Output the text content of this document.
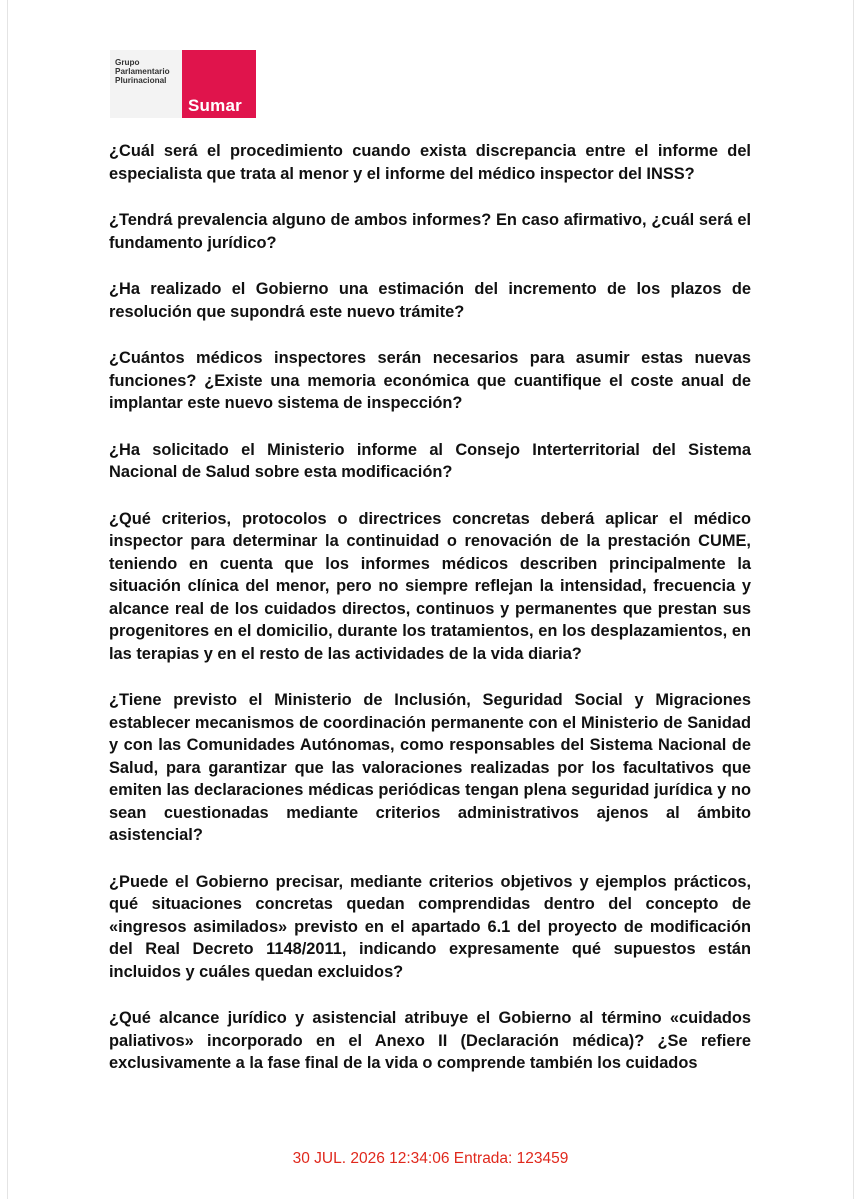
Grupo
Parlamentario
Plurinacional
Sumar

¿Cuál será el procedimiento cuando exista discrepancia entre el informe del especialista que trata al menor y el informe del médico inspector del INSS?

¿Tendrá prevalencia alguno de ambos informes? En caso afirmativo, ¿cuál será el fundamento jurídico?

¿Ha realizado el Gobierno una estimación del incremento de los plazos de resolución que supondrá este nuevo trámite?

¿Cuántos médicos inspectores serán necesarios para asumir estas nuevas funciones? ¿Existe una memoria económica que cuantifique el coste anual de implantar este nuevo sistema de inspección?

¿Ha solicitado el Ministerio informe al Consejo Interterritorial del Sistema Nacional de Salud sobre esta modificación?

¿Qué criterios, protocolos o directrices concretas deberá aplicar el médico inspector para determinar la continuidad o renovación de la prestación CUME, teniendo en cuenta que los informes médicos describen principalmente la situación clínica del menor, pero no siempre reflejan la intensidad, frecuencia y alcance real de los cuidados directos, continuos y permanentes que prestan sus progenitores en el domicilio, durante los tratamientos, en los desplazamientos, en las terapias y en el resto de las actividades de la vida diaria?

¿Tiene previsto el Ministerio de Inclusión, Seguridad Social y Migraciones establecer mecanismos de coordinación permanente con el Ministerio de Sanidad y con las Comunidades Autónomas, como responsables del Sistema Nacional de Salud, para garantizar que las valoraciones realizadas por los facultativos que emiten las declaraciones médicas periódicas tengan plena seguridad jurídica y no sean cuestionadas mediante criterios administrativos ajenos al ámbito asistencial?

¿Puede el Gobierno precisar, mediante criterios objetivos y ejemplos prácticos, qué situaciones concretas quedan comprendidas dentro del concepto de «ingresos asimilados» previsto en el apartado 6.1 del proyecto de modificación del Real Decreto 1148/2011, indicando expresamente qué supuestos están incluidos y cuáles quedan excluidos?

¿Qué alcance jurídico y asistencial atribuye el Gobierno al término «cuidados paliativos» incorporado en el Anexo II (Declaración médica)? ¿Se refiere exclusivamente a la fase final de la vida o comprende también los cuidados

30 JUL. 2026 12:34:06 Entrada: 123459
